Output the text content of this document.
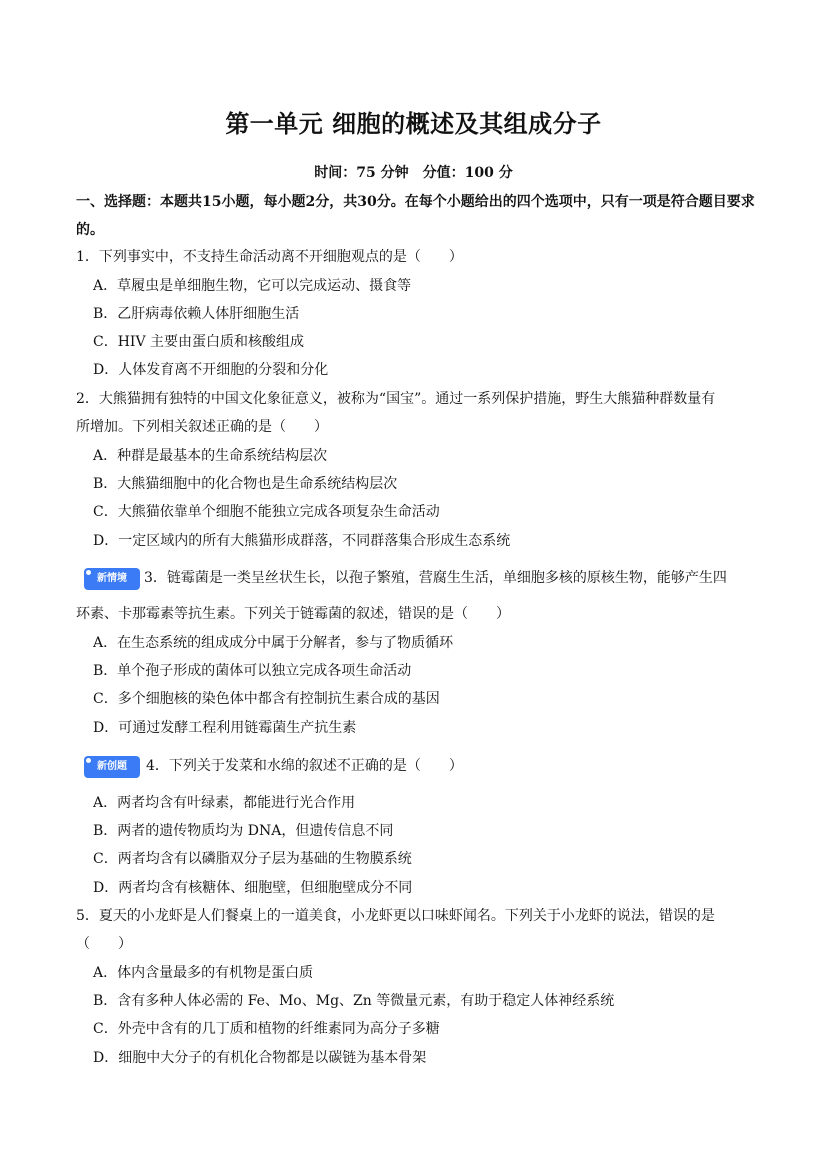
第一单元 细胞的概述及其组成分子
时间：75 分钟　分值：100 分
一、选择题：本题共15小题，每小题2分，共30分。在每个小题给出的四个选项中，只有一项是符合题目要求的。
1．下列事实中，不支持生命活动离不开细胞观点的是（　　）
A．草履虫是单细胞生物，它可以完成运动、摄食等
B．乙肝病毒依赖人体肝细胞生活
C．HIV 主要由蛋白质和核酸组成
D．人体发育离不开细胞的分裂和分化
2．大熊猫拥有独特的中国文化象征意义，被称为“国宝”。通过一系列保护措施，野生大熊猫种群数量有
所增加。下列相关叙述正确的是（　　）
A．种群是最基本的生命系统结构层次
B．大熊猫细胞中的化合物也是生命系统结构层次
C．大熊猫依靠单个细胞不能独立完成各项复杂生命活动
D．一定区域内的所有大熊猫形成群落，不同群落集合形成生态系统
新情境	3．链霉菌是一类呈丝状生长，以孢子繁殖，营腐生生活，单细胞多核的原核生物，能够产生四
环素、卡那霉素等抗生素。下列关于链霉菌的叙述，错误的是（　　）
A．在生态系统的组成成分中属于分解者，参与了物质循环
B．单个孢子形成的菌体可以独立完成各项生命活动
C．多个细胞核的染色体中都含有控制抗生素合成的基因
D．可通过发酵工程利用链霉菌生产抗生素
新创题	4．下列关于发菜和水绵的叙述不正确的是（　　）
A．两者均含有叶绿素，都能进行光合作用
B．两者的遗传物质均为 DNA，但遗传信息不同
C．两者均含有以磷脂双分子层为基础的生物膜系统
D．两者均含有核糖体、细胞壁，但细胞壁成分不同
5．夏天的小龙虾是人们餐桌上的一道美食，小龙虾更以口味虾闻名。下列关于小龙虾的说法，错误的是
（　　）
A．体内含量最多的有机物是蛋白质
B．含有多种人体必需的 Fe、Mo、Mg、Zn 等微量元素，有助于稳定人体神经系统
C．外壳中含有的几丁质和植物的纤维素同为高分子多糖
D．细胞中大分子的有机化合物都是以碳链为基本骨架
